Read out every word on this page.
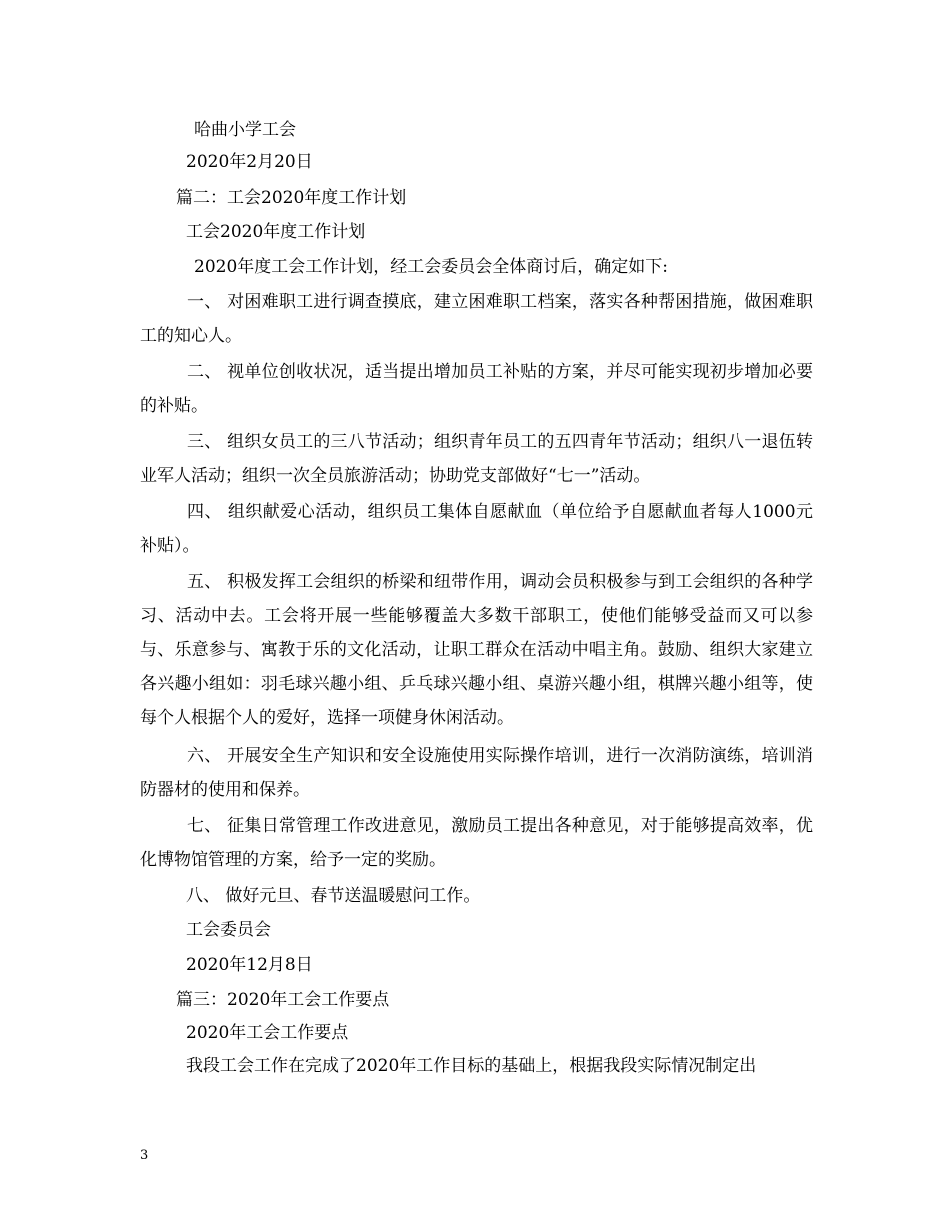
哈曲小学工会
2020年2月20日
篇二：工会2020年度工作计划
工会2020年度工作计划
2020年度工会工作计划，经工会委员会全体商讨后，确定如下:
一、 对困难职工进行调查摸底，建立困难职工档案，落实各种帮困措施，做困难职工的知心人。
二、 视单位创收状况，适当提出增加员工补贴的方案，并尽可能实现初步增加必要的补贴。
三、 组织女员工的三八节活动；组织青年员工的五四青年节活动；组织八一退伍转业军人活动；组织一次全员旅游活动；协助党支部做好“七一”活动。
四、 组织献爱心活动，组织员工集体自愿献血（单位给予自愿献血者每人1000元补贴）。
五、 积极发挥工会组织的桥梁和纽带作用，调动会员积极参与到工会组织的各种学习、活动中去。工会将开展一些能够覆盖大多数干部职工，使他们能够受益而又可以参与、乐意参与、寓教于乐的文化活动，让职工群众在活动中唱主角。鼓励、组织大家建立各兴趣小组如：羽毛球兴趣小组、乒乓球兴趣小组、桌游兴趣小组，棋牌兴趣小组等，使每个人根据个人的爱好，选择一项健身休闲活动。
六、 开展安全生产知识和安全设施使用实际操作培训，进行一次消防演练，培训消防器材的使用和保养。
七、 征集日常管理工作改进意见，激励员工提出各种意见，对于能够提高效率，优化博物馆管理的方案，给予一定的奖励。
八、 做好元旦、春节送温暖慰问工作。
工会委员会
2020年12月8日
篇三：2020年工会工作要点
2020年工会工作要点
我段工会工作在完成了2020年工作目标的基础上，根据我段实际情况制定出
3
